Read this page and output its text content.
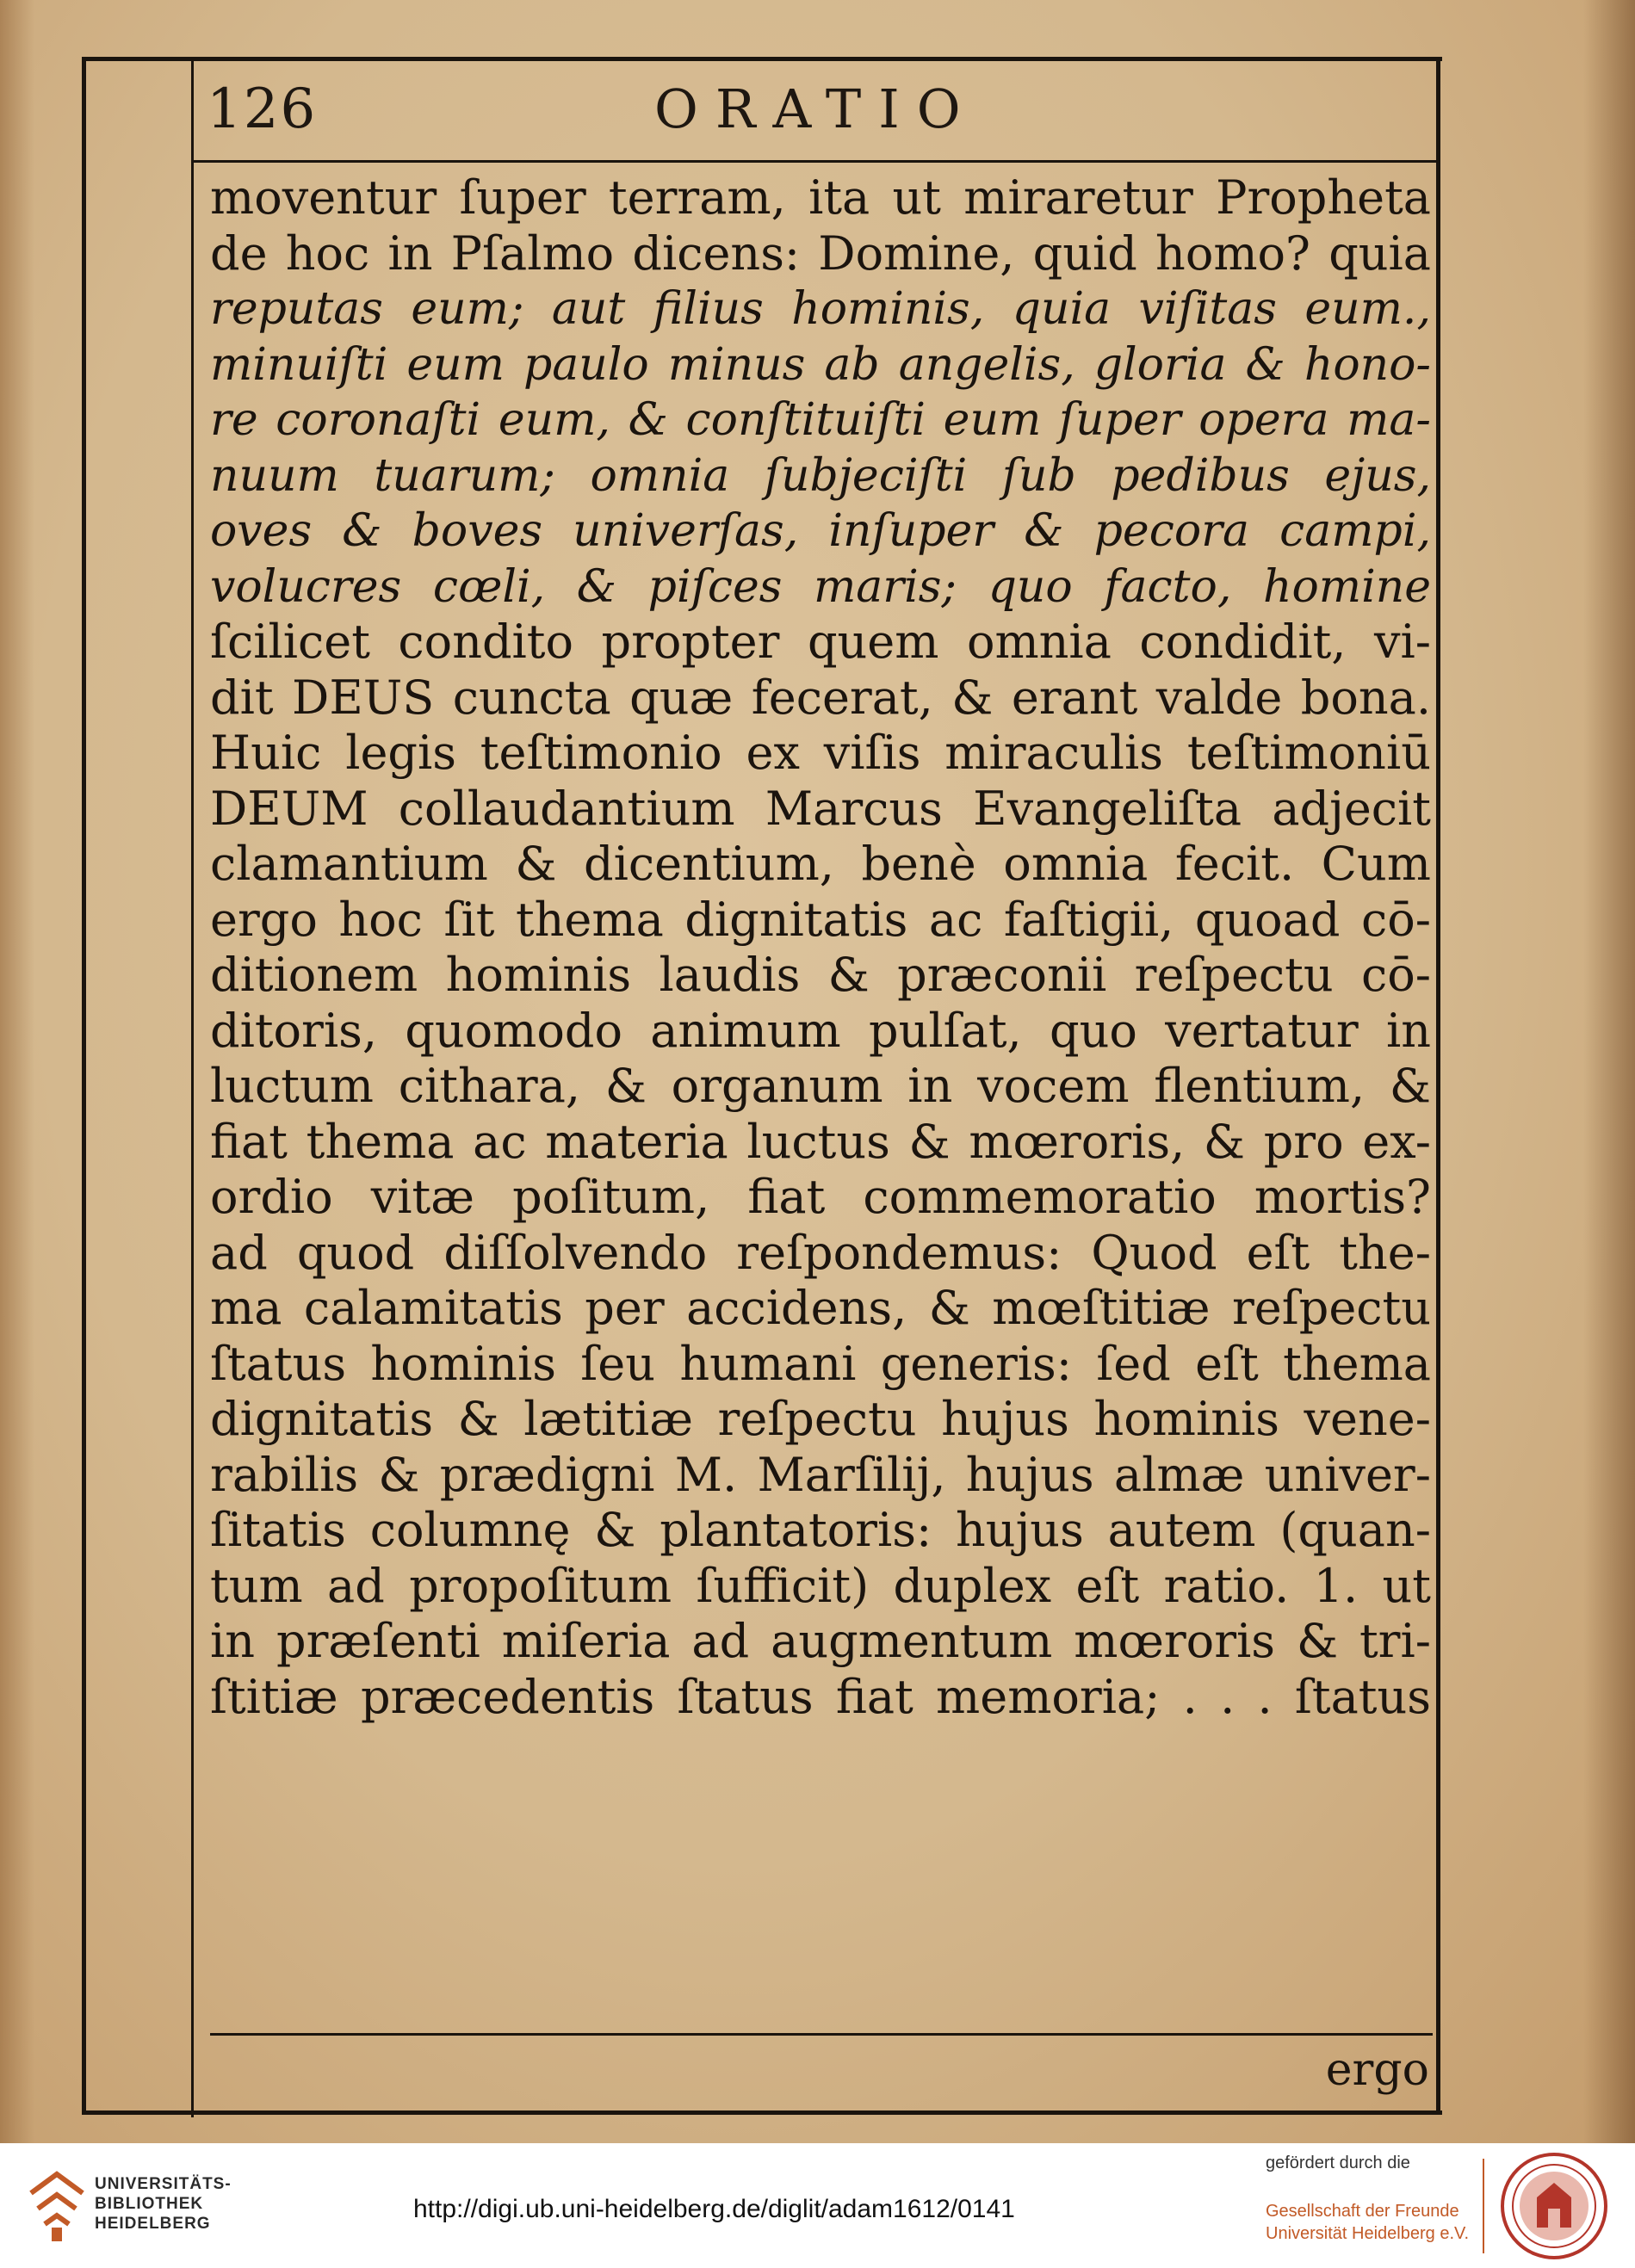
126	ORATIO
moventur ſuper terram, ita ut miraretur Propheta
de hoc in Pſalmo dicens: Domine, quid homo? quia
reputas eum; aut filius hominis, quia viſitas eum.,
minuiſti eum paulo minus ab angelis, gloria & hono-
re coronaſti eum, & conſtituiſti eum ſuper opera ma-
nuum tuarum; omnia ſubjeciſti ſub pedibus ejus,
oves & boves univerſas, inſuper & pecora campi,
volucres cœli, & piſces maris; quo facto, homine
ſcilicet condito propter quem omnia condidit, vi-
dit DEUS cuncta quæ fecerat, & erant valde bona.
Huic legis teſtimonio ex viſis miraculis teſtimoniū
DEUM collaudantium Marcus Evangeliſta adjecit
clamantium & dicentium, benè omnia fecit. Cum
ergo hoc ſit thema dignitatis ac faſtigii, quoad cō-
ditionem hominis laudis & præconii reſpectu cō-
ditoris, quomodo animum pulſat, quo vertatur in
luctum cithara, & organum in vocem flentium, &
fiat thema ac materia luctus & mœroris, & pro ex-
ordio vitæ poſitum, fiat commemoratio mortis?
ad quod diſſolvendo reſpondemus: Quod eſt the-
ma calamitatis per accidens, & mœſtitiæ reſpectu
ſtatus hominis ſeu humani generis: ſed eſt thema
dignitatis & lætitiæ reſpectu hujus hominis vene-
rabilis & prædigni M. Marſilij, hujus almæ univer-
ſitatis columnę & plantatoris: hujus autem (quan-
tum ad propoſitum ſufficit) duplex eſt ratio. 1. ut
in præſenti miſeria ad augmentum mœroris & tri-
ſtitiæ præcedentis ſtatus fiat memoria; . . . ſtatus
ergo
UNIVERSITÄTS-
BIBLIOTHEK
HEIDELBERG
http://digi.ub.uni-heidelberg.de/diglit/adam1612/0141
gefördert durch die
Gesellschaft der Freunde
Universität Heidelberg e.V.
